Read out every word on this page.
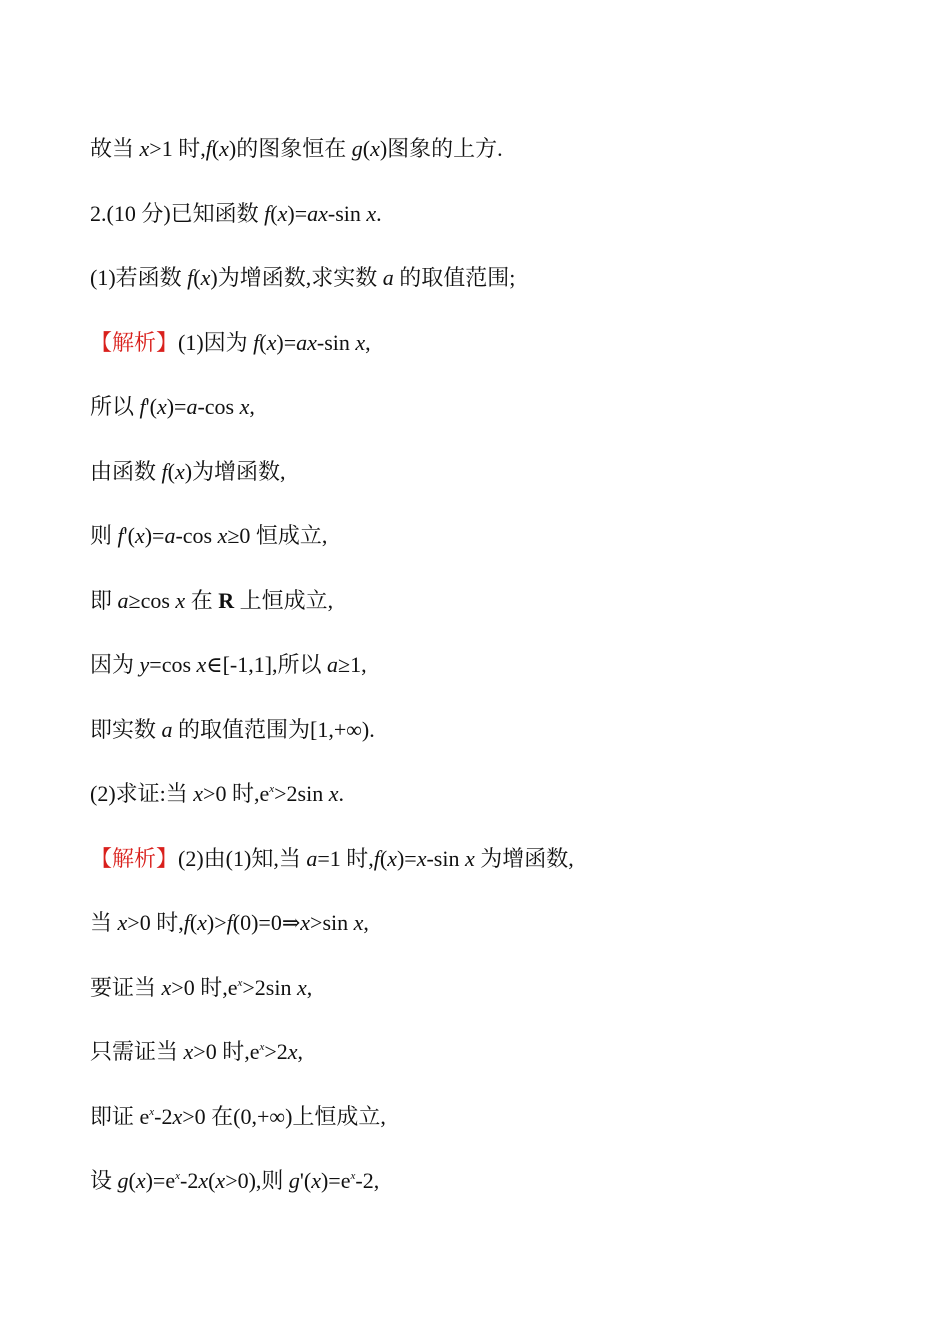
故当 x>1 时,f(x)的图象恒在 g(x)图象的上方.
2.(10 分)已知函数 f(x)=ax-sin x.
(1)若函数 f(x)为增函数,求实数 a 的取值范围;
【解析】(1)因为 f(x)=ax-sin x,
所以 f'(x)=a-cos x,
由函数 f(x)为增函数,
则 f'(x)=a-cos x≥0 恒成立,
即 a≥cos x 在 R 上恒成立,
因为 y=cos x∈[-1,1],所以 a≥1,
即实数 a 的取值范围为[1,+∞).
(2)求证:当 x>0 时$,e^x>2\sin$ x.
【解析】(2)由(1)知,当 a=1 时,f(x)=x-sin x 为增函数,
当 x>0 时,f(x)>f(0)=0⇒x>sin x,
要证当 x>0 时$,e^x>2\sin$ x,
只需证当 x>0 时$,e^x>2x$,
即证 $e^x-2x>0$ 在(0,+∞)上恒成立,
设 $g(x)=e^x-2x(x>0)$,则 $g'(x)=e^x-2$,
